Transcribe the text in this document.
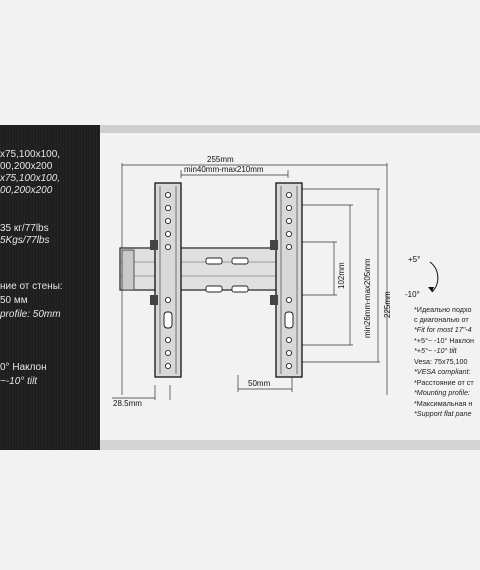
x75,100x100,
00,200x200
x75,100x100,
00,200x200
35 кг/77lbs
5Kgs/77lbs
ние от стены:
50 мм
profile: 50mm
0° Наклон
~-10° tilt
255mm
min40mm-max210mm
225mm
min26mm-max205mm
102mm
50mm
28.5mm
+5°
-10°
*Идеально подхо
с диагональю от
*Fit for most 17"-4
*+5°~ -10° Наклон
*+5°~ -10° tilt
Vesa: 75x75,100
*VESA compliant:
*Расстояние от ст
*Mounting profile:
*Максимальная н
*Support flat pane
